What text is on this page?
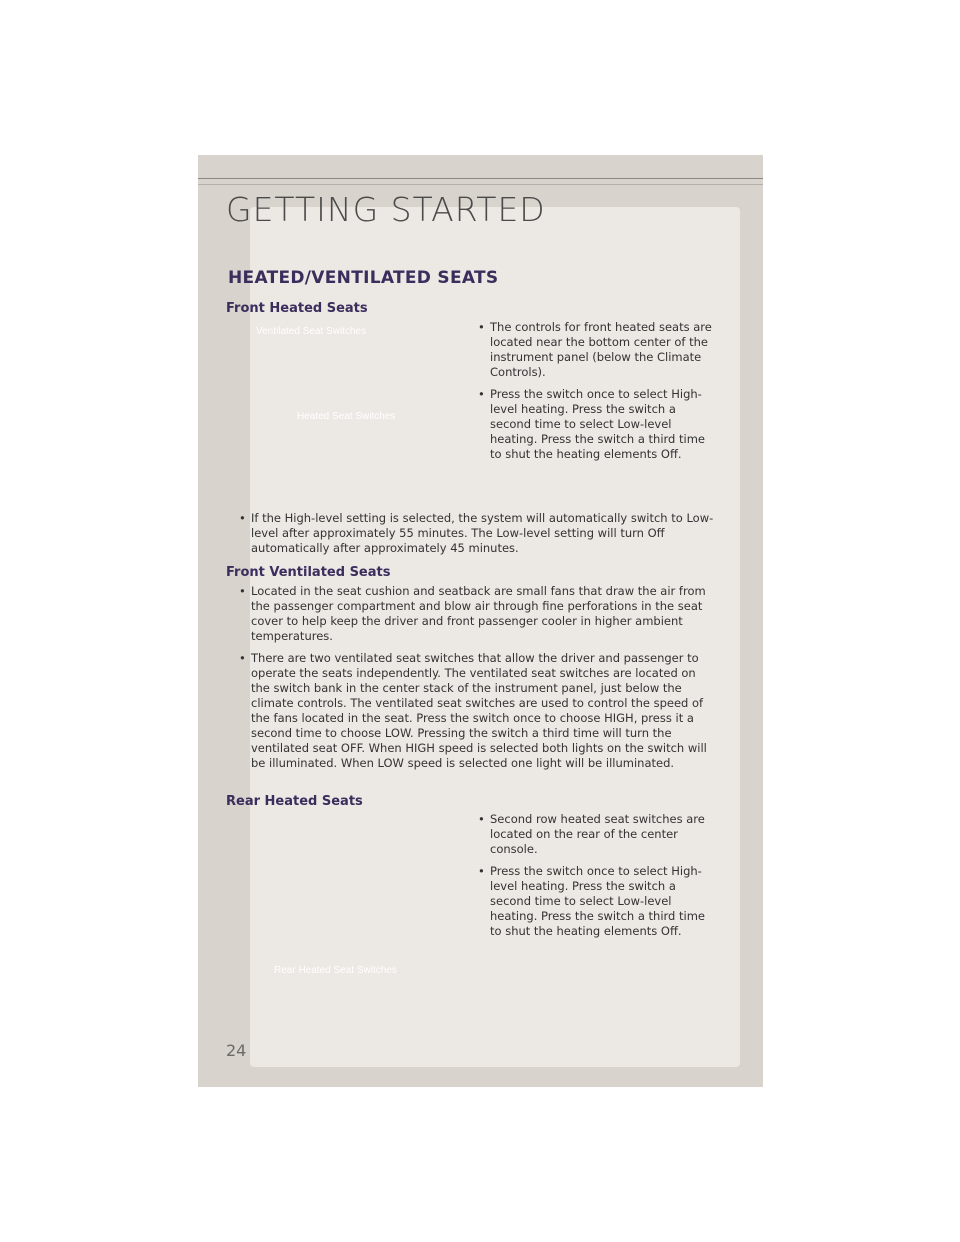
GETTING STARTED
HEATED/VENTILATED SEATS
Front Heated Seats
Ventilated Seat Switches
Heated Seat Switches
• The controls for front heated seats are located near the bottom center of the instrument panel (below the Climate Controls).
• Press the switch once to select High-level heating. Press the switch a second time to select Low-level heating. Press the switch a third time to shut the heating elements Off.
• If the High-level setting is selected, the system will automatically switch to Low-level after approximately 55 minutes. The Low-level setting will turn Off automatically after approximately 45 minutes.
Front Ventilated Seats
• Located in the seat cushion and seatback are small fans that draw the air from the passenger compartment and blow air through fine perforations in the seat cover to help keep the driver and front passenger cooler in higher ambient temperatures.
• There are two ventilated seat switches that allow the driver and passenger to operate the seats independently. The ventilated seat switches are located on the switch bank in the center stack of the instrument panel, just below the climate controls. The ventilated seat switches are used to control the speed of the fans located in the seat. Press the switch once to choose HIGH, press it a second time to choose LOW. Pressing the switch a third time will turn the ventilated seat OFF. When HIGH speed is selected both lights on the switch will be illuminated. When LOW speed is selected one light will be illuminated.
Rear Heated Seats
• Second row heated seat switches are located on the rear of the center console.
• Press the switch once to select High-level heating. Press the switch a second time to select Low-level heating. Press the switch a third time to shut the heating elements Off.
Rear Heated Seat Switches
24
